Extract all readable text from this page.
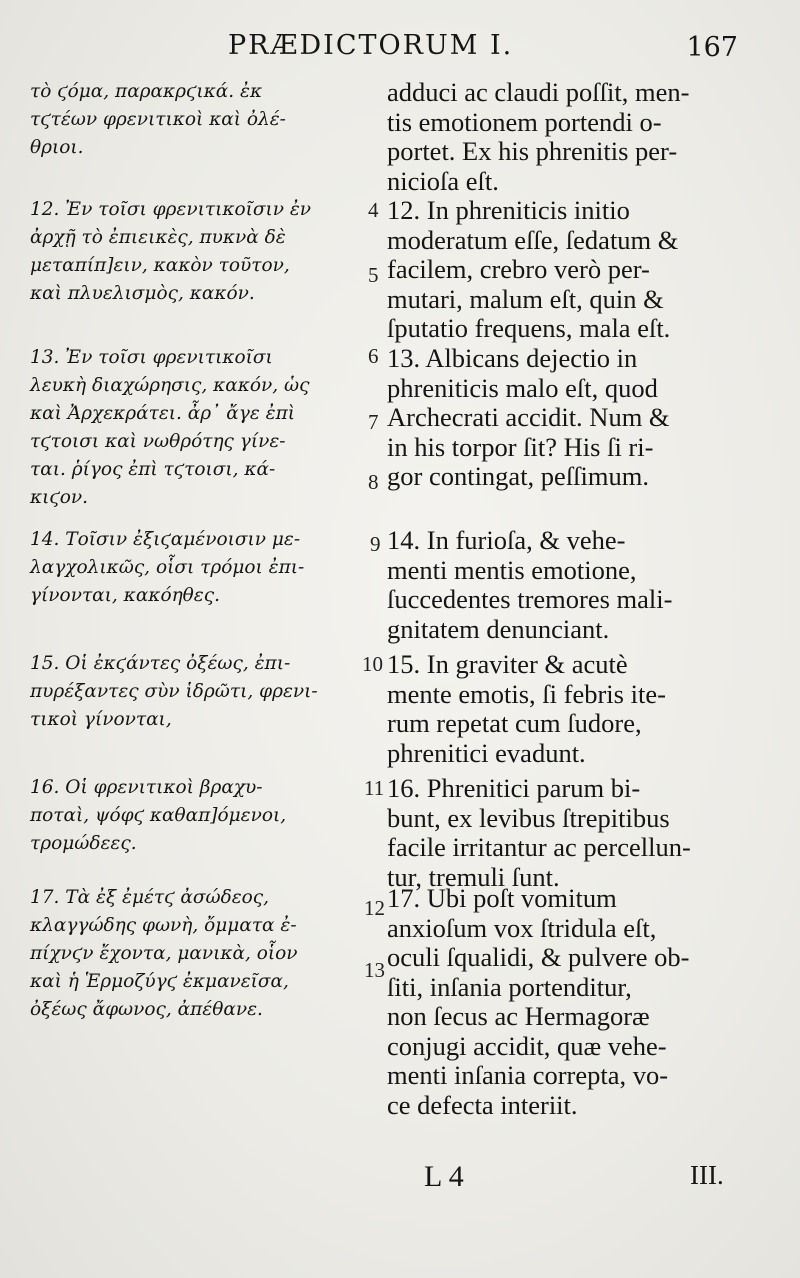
PRÆDICTORUM I.	167
τὸ ϛόμα, παρακρϛικά. ἐκ
τϛτέων φρενιτικοὶ καὶ ὀλέ-
θριοι.
12. Ἐν τοῖσι φρενιτικοῖσιν ἐν
ἀρχῇ τὸ ἐπιεικὲς, πυκνὰ δὲ
μεταπίπ]ειν, κακὸν τοῦτον,
καὶ πλυελισμὸς, κακόν.
13. Ἐν τοῖσι φρενιτικοῖσι
λευκὴ διαχώρησις, κακόν, ὡς
καὶ Ἀρχεκράτει. ἆρ᾽ ἄγε ἐπὶ
τϛτοισι καὶ νωθρότης γίνε-
ται. ῥίγος ἐπὶ τϛτοισι, κά-
κιϛον.
14. Τοῖσιν ἐξιϛαμένοισιν με-
λαγχολικῶς, οἷσι τρόμοι ἐπι-
γίνονται, κακόηθες.
15. Οἱ ἐκϛάντες ὀξέως, ἐπι-
πυρέξαντες σὺν ἱδρῶτι, φρενι-
τικοὶ γίνονται,
16. Οἱ φρενιτικοὶ βραχυ-
ποταὶ, ψόφϛ καθαπ]όμενοι,
τρομώδεες.
17. Τὰ ἐξ ἐμέτϛ ἀσώδεος,
κλαγγώδης φωνὴ, ὄμματα ἐ-
πίχνϛν ἔχοντα, μανικὰ, οἷον
καὶ ἡ Ἑρμοζύγϛ ἐκμανεῖσα,
ὀξέως ἄφωνος, ἀπέθανε.
4
5
6
7
8
9
10
11
12
13
adduci ac claudi poſſit, men-
tis emotionem portendi o-
portet. Ex his phrenitis per-
nicioſa eſt.
12. In phreniticis initio
moderatum eſſe, ſedatum &
facilem, crebro verò per-
mutari, malum eſt, quin &
ſputatio frequens, mala eſt.
13. Albicans dejectio in
phreniticis malo eſt, quod
Archecrati accidit. Num &
in his torpor ſit? His ſi ri-
gor contingat, peſſimum.
14. In furioſa, & vehe-
menti mentis emotione,
ſuccedentes tremores mali-
gnitatem denunciant.
15. In graviter & acutè
mente emotis, ſi febris ite-
rum repetat cum ſudore,
phrenitici evadunt.
16. Phrenitici parum bi-
bunt, ex levibus ſtrepitibus
facile irritantur ac percellun-
tur, tremuli ſunt.
17. Ubi poſt vomitum
anxioſum vox ſtridula eſt,
oculi ſqualidi, & pulvere ob-
ſiti, inſania portenditur,
non ſecus ac Hermagoræ
conjugi accidit, quæ vehe-
menti inſania correpta, vo-
ce defecta interiit.
L 4	III.
